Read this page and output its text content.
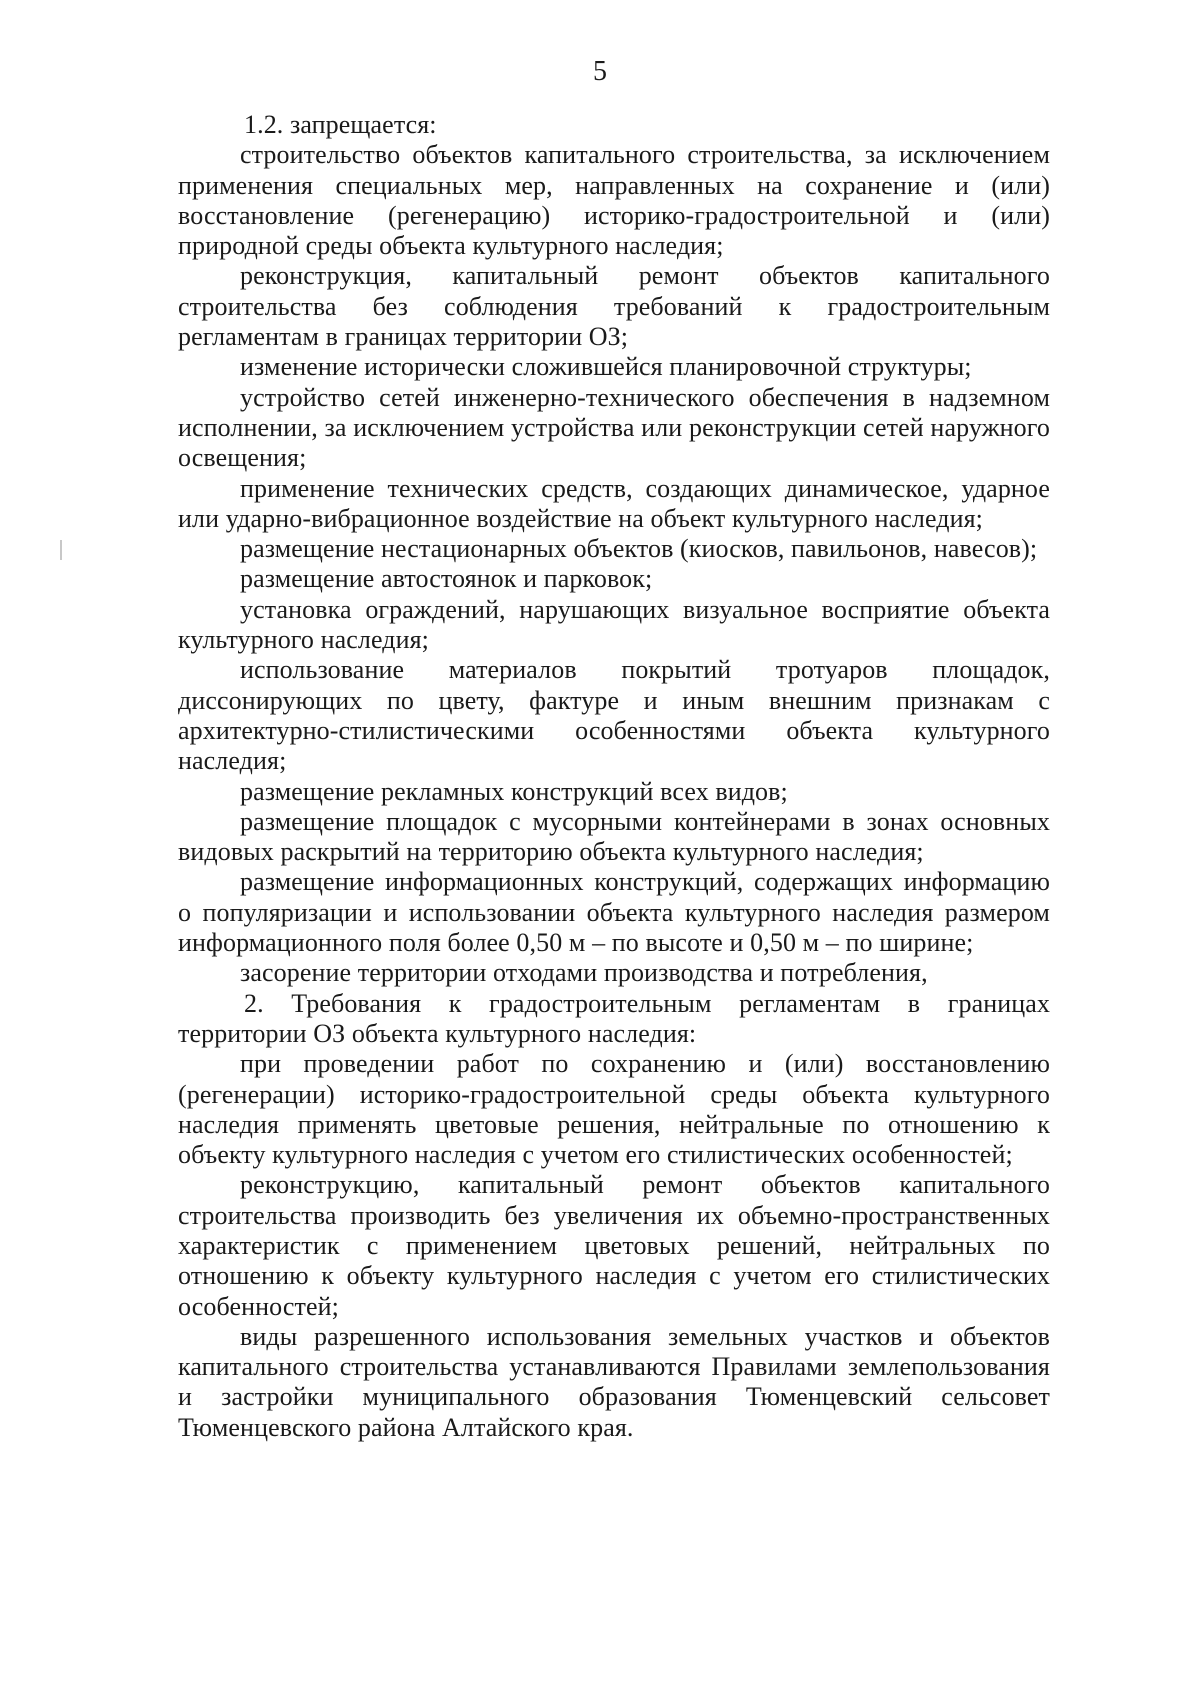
5

1.2. запрещается:

строительство объектов капитального строительства, за исключением применения специальных мер, направленных на сохранение и (или) восстановление (регенерацию) историко-градостроительной и (или) природной среды объекта культурного наследия;

реконструкция, капитальный ремонт объектов капитального строительства без соблюдения требований к градостроительным регламентам в границах территории ОЗ;

изменение исторически сложившейся планировочной структуры;

устройство сетей инженерно-технического обеспечения в надземном исполнении, за исключением устройства или реконструкции сетей наружного освещения;

применение технических средств, создающих динамическое, ударное или ударно-вибрационное воздействие на объект культурного наследия;

размещение нестационарных объектов (киосков, павильонов, навесов);

размещение автостоянок и парковок;

установка ограждений, нарушающих визуальное восприятие объекта культурного наследия;

использование материалов покрытий тротуаров площадок, диссонирующих по цвету, фактуре и иным внешним признакам с архитектурно-стилистическими особенностями объекта культурного наследия;

размещение рекламных конструкций всех видов;

размещение площадок с мусорными контейнерами в зонах основных видовых раскрытий на территорию объекта культурного наследия;

размещение информационных конструкций, содержащих информацию о популяризации и использовании объекта культурного наследия размером информационного поля более 0,50 м – по высоте и 0,50 м – по ширине;

засорение территории отходами производства и потребления,

2. Требования к градостроительным регламентам в границах территории ОЗ объекта культурного наследия:

при проведении работ по сохранению и (или) восстановлению (регенерации) историко-градостроительной среды объекта культурного наследия применять цветовые решения, нейтральные по отношению к объекту культурного наследия с учетом его стилистических особенностей;

реконструкцию, капитальный ремонт объектов капитального строительства производить без увеличения их объемно-пространственных характеристик с применением цветовых решений, нейтральных по отношению к объекту культурного наследия с учетом его стилистических особенностей;

виды разрешенного использования земельных участков и объектов капитального строительства устанавливаются Правилами землепользования и застройки муниципального образования Тюменцевский сельсовет Тюменцевского района Алтайского края.
